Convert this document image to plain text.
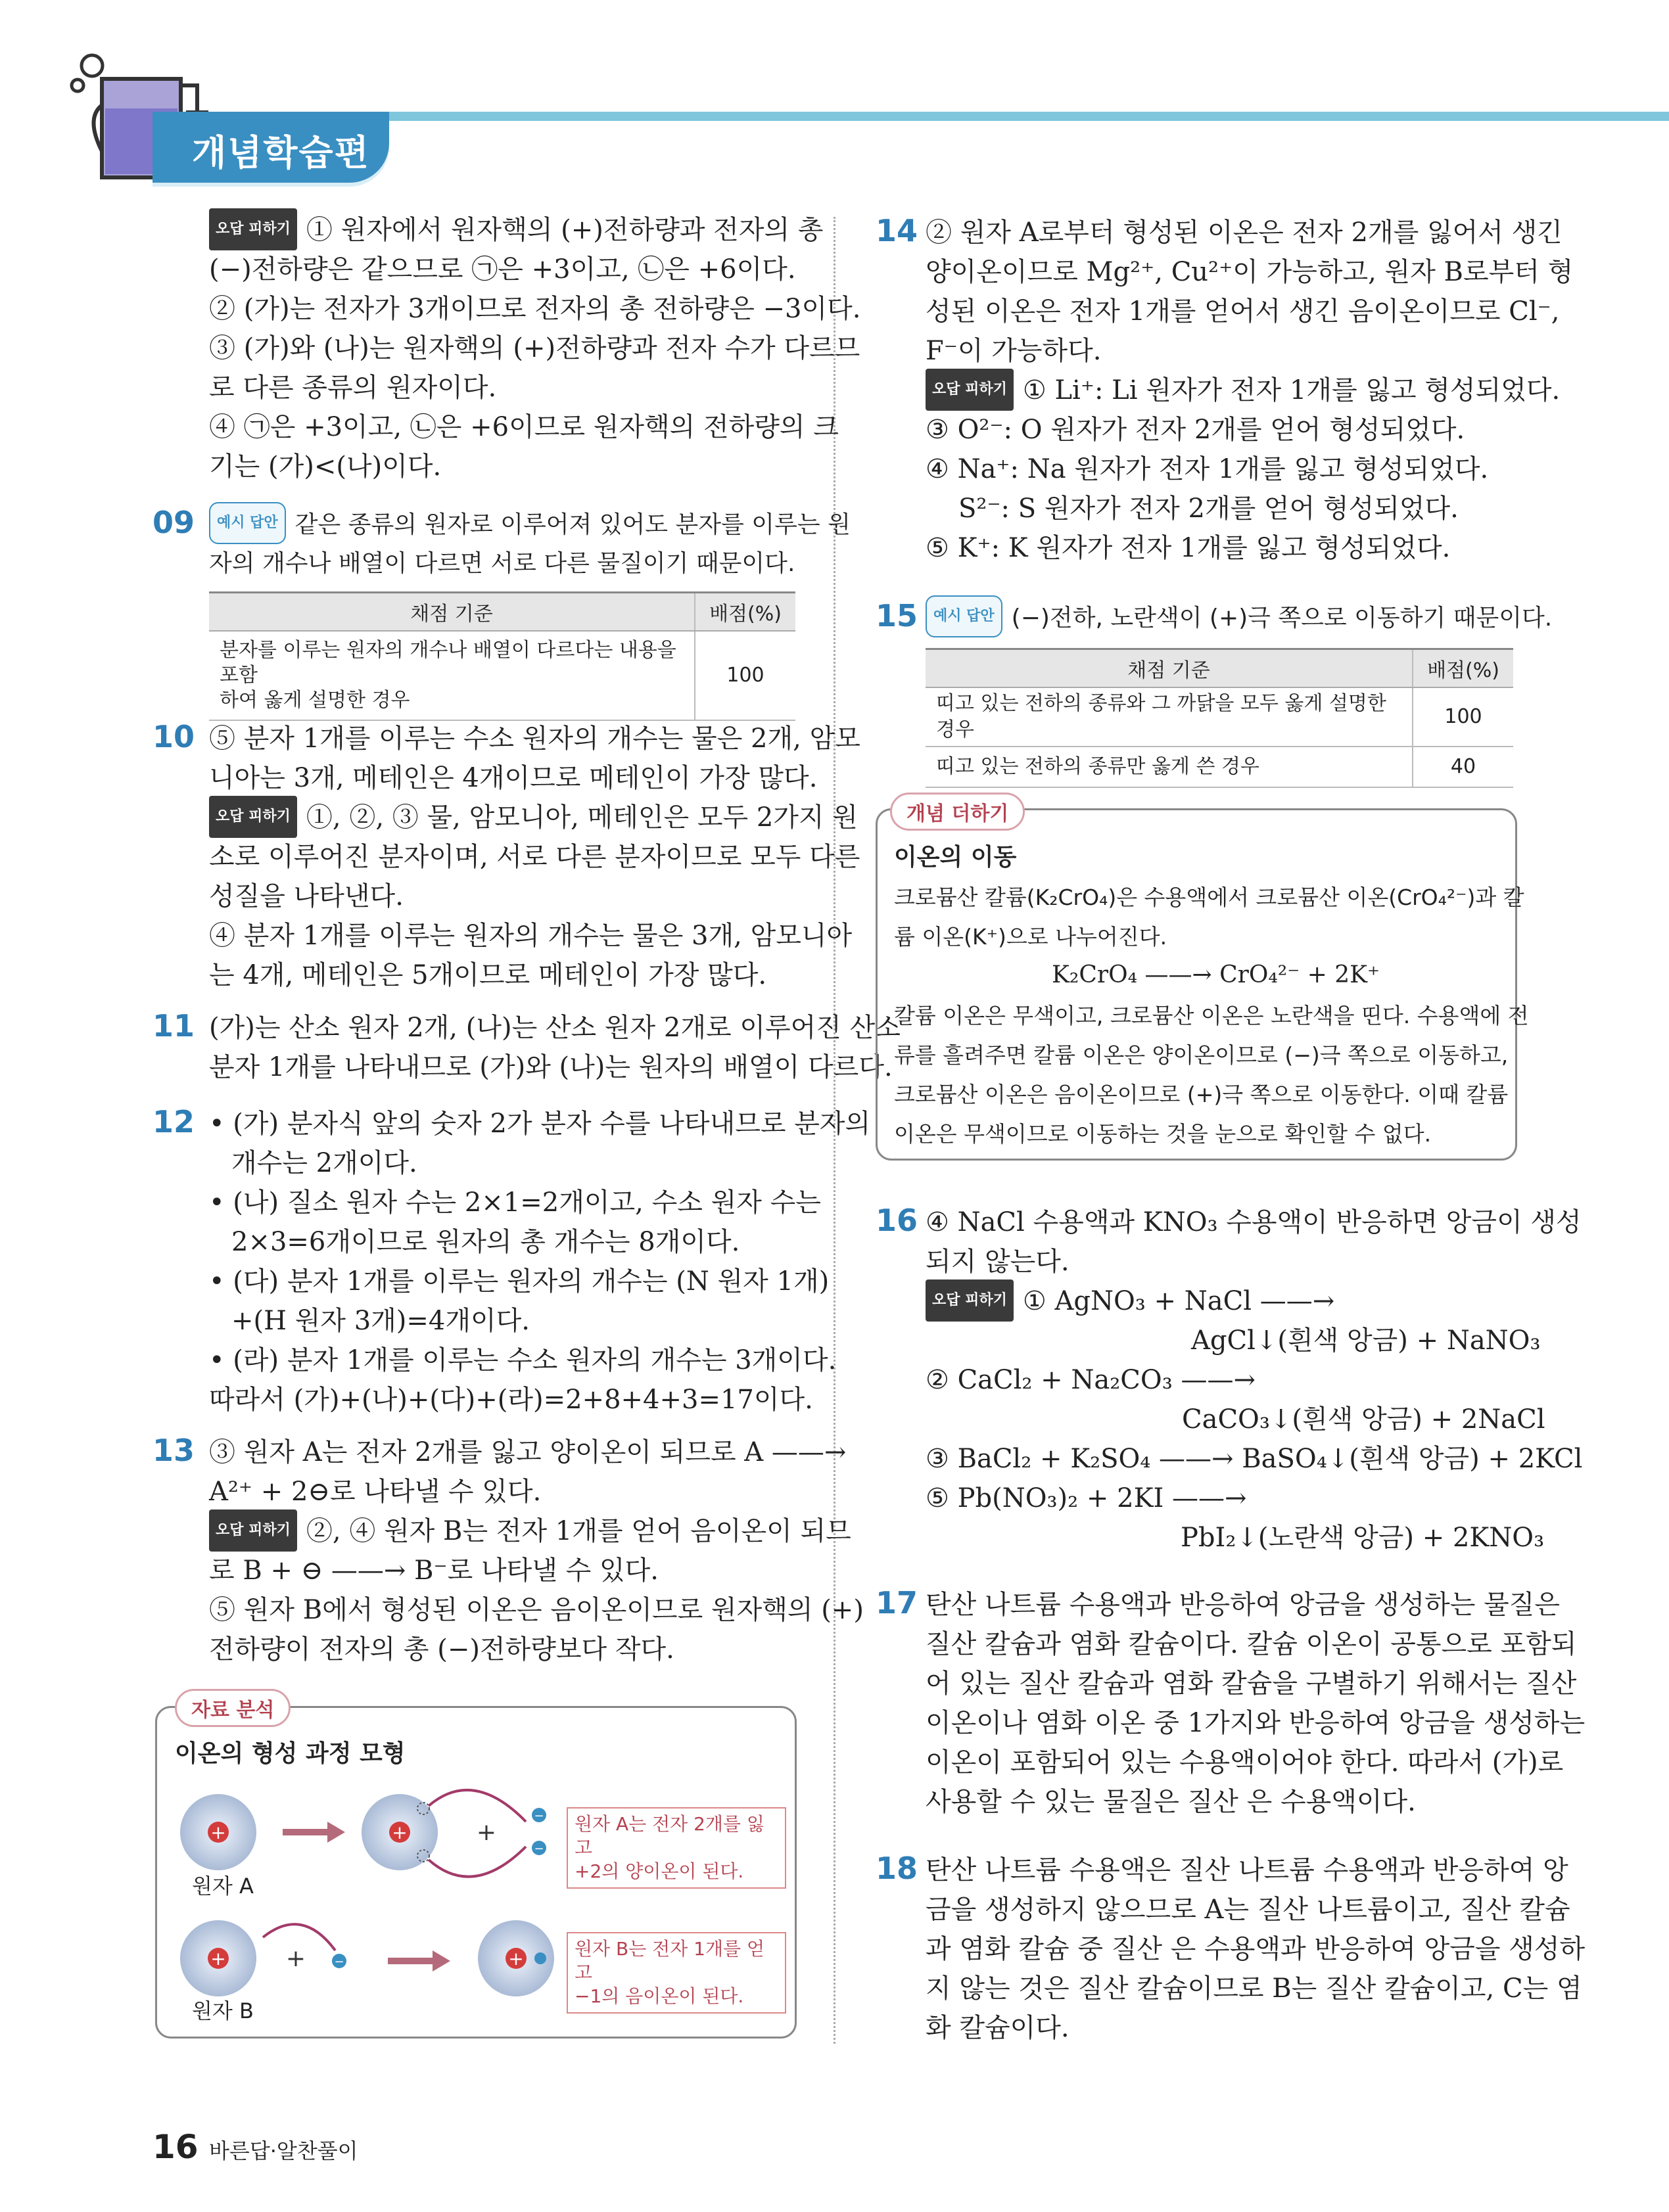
개념학습편
오답 피하기 ① 원자에서 원자핵의 (+)전하량과 전자의 총
(−)전하량은 같으므로 ㉠은 +3이고, ㉡은 +6이다.
② (가)는 전자가 3개이므로 전자의 총 전하량은 −3이다.
③ (가)와 (나)는 원자핵의 (+)전하량과 전자 수가 다르므
로 다른 종류의 원자이다.
④ ㉠은 +3이고, ㉡은 +6이므로 원자핵의 전하량의 크
기는 (가)<(나)이다.
09	예시 답안 같은 종류의 원자로 이루어져 있어도 분자를 이루는 원
자의 개수나 배열이 다르면 서로 다른 물질이기 때문이다.
채점 기준	배점(%)

분자를 이루는 원자의 개수나 배열이 다르다는 내용을 포함
하여 옳게 설명한 경우	100
10 ⑤ 분자 1개를 이루는 수소 원자의 개수는 물은 2개, 암모
니아는 3개, 메테인은 4개이므로 메테인이 가장 많다.
오답 피하기 ①, ②, ③ 물, 암모니아, 메테인은 모두 2가지 원
소로 이루어진 분자이며, 서로 다른 분자이므로 모두 다른
성질을 나타낸다.
④ 분자 1개를 이루는 원자의 개수는 물은 3개, 암모니아
는 4개, 메테인은 5개이므로 메테인이 가장 많다.
11 (가)는 산소 원자 2개, (나)는 산소 원자 2개로 이루어진 산소
분자 1개를 나타내므로 (가)와 (나)는 원자의 배열이 다르다.
12 • (가) 분자식 앞의 숫자 2가 분자 수를 나타내므로 분자의
개수는 2개이다.
• (나) 질소 원자 수는 2×1=2개이고, 수소 원자 수는
2×3=6개이므로 원자의 총 개수는 8개이다.
• (다) 분자 1개를 이루는 원자의 개수는 (N 원자 1개)
+(H 원자 3개)=4개이다.
• (라) 분자 1개를 이루는 수소 원자의 개수는 3개이다.
따라서 (가)+(나)+(다)+(라)=2+8+4+3=17이다.
13 ③ 원자 A는 전자 2개를 잃고 양이온이 되므로 A ——→
A²⁺ + 2⊖로 나타낼 수 있다.
오답 피하기 ②, ④ 원자 B는 전자 1개를 얻어 음이온이 되므
로 B + ⊖ ——→ B⁻로 나타낼 수 있다.
⑤ 원자 B에서 형성된 이온은 음이온이므로 원자핵의 (+)
전하량이 전자의 총 (−)전하량보다 작다.
자료 분석
이온의 형성 과정 모형
+	+	+
−
−
+	+ −	+
원자 A
원자 B
원자 A는 전자 2개를 잃고
+2의 양이온이 된다.
원자 B는 전자 1개를 얻고
−1의 음이온이 된다.
14 ② 원자 A로부터 형성된 이온은 전자 2개를 잃어서 생긴
양이온이므로 Mg²⁺, Cu²⁺이 가능하고, 원자 B로부터 형
성된 이온은 전자 1개를 얻어서 생긴 음이온이므로 Cl⁻,
F⁻이 가능하다.
오답 피하기 ① Li⁺: Li 원자가 전자 1개를 잃고 형성되었다.
③ O²⁻: O 원자가 전자 2개를 얻어 형성되었다.
④ Na⁺: Na 원자가 전자 1개를 잃고 형성되었다.
S²⁻: S 원자가 전자 2개를 얻어 형성되었다.
⑤ K⁺: K 원자가 전자 1개를 잃고 형성되었다.
15	예시 답안 (−)전하, 노란색이 (+)극 쪽으로 이동하기 때문이다.
채점 기준	배점(%)
띠고 있는 전하의 종류와 그 까닭을 모두 옳게 설명한 경우	100
띠고 있는 전하의 종류만 옳게 쓴 경우	40
개념 더하기
이온의 이동
크로뮴산 칼륨(K₂CrO₄)은 수용액에서 크로뮴산 이온(CrO₄²⁻)과 칼
륨 이온(K⁺)으로 나누어진다.
K₂CrO₄ ——→ CrO₄²⁻ + 2K⁺
칼륨 이온은 무색이고, 크로뮴산 이온은 노란색을 띤다. 수용액에 전
류를 흘려주면 칼륨 이온은 양이온이므로 (−)극 쪽으로 이동하고,
크로뮴산 이온은 음이온이므로 (+)극 쪽으로 이동한다. 이때 칼륨
이온은 무색이므로 이동하는 것을 눈으로 확인할 수 없다.
16 ④ NaCl 수용액과 KNO₃ 수용액이 반응하면 앙금이 생성
되지 않는다.
오답 피하기 ① AgNO₃ + NaCl ——→
AgCl↓(흰색 앙금) + NaNO₃
② CaCl₂ + Na₂CO₃ ——→
CaCO₃↓(흰색 앙금) + 2NaCl
③ BaCl₂ + K₂SO₄ ——→ BaSO₄↓(흰색 앙금) + 2KCl
⑤ Pb(NO₃)₂ + 2KI ——→
PbI₂↓(노란색 앙금) + 2KNO₃
17 탄산 나트륨 수용액과 반응하여 앙금을 생성하는 물질은
질산 칼슘과 염화 칼슘이다. 칼슘 이온이 공통으로 포함되
어 있는 질산 칼슘과 염화 칼슘을 구별하기 위해서는 질산
이온이나 염화 이온 중 1가지와 반응하여 앙금을 생성하는
이온이 포함되어 있는 수용액이어야 한다. 따라서 (가)로
사용할 수 있는 물질은 질산 은 수용액이다.
18 탄산 나트륨 수용액은 질산 나트륨 수용액과 반응하여 앙
금을 생성하지 않으므로 A는 질산 나트륨이고, 질산 칼슘
과 염화 칼슘 중 질산 은 수용액과 반응하여 앙금을 생성하
지 않는 것은 질산 칼슘이므로 B는 질산 칼슘이고, C는 염
화 칼슘이다.
16 바른답·알찬풀이
